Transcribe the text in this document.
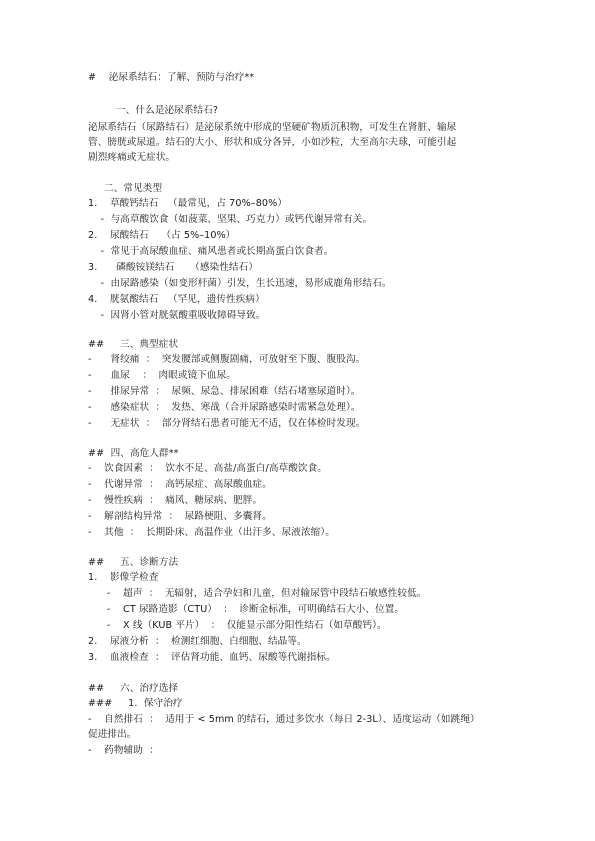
#    泌尿系结石：了解、预防与治疗**
一、什么是泌尿系结石?
泌尿系结石（尿路结石）是泌尿系统中形成的坚硬矿物质沉积物，可发生在肾脏、输尿
管、膀胱或尿道。结石的大小、形状和成分各异，小如沙粒，大至高尔夫球，可能引起
剧烈疼痛或无症状。
二、常见类型
1.    草酸钙结石   （最常见，占 70%–80%）
-  与高草酸饮食（如菠菜、坚果、巧克力）或钙代谢异常有关。
2.    尿酸结石    （占 5%–10%）
-  常见于高尿酸血症、痛风患者或长期高蛋白饮食者。
3.      磷酸铵镁结石     （感染性结石）
-  由尿路感染（如变形杆菌）引发，生长迅速，易形成鹿角形结石。
4.    胱氨酸结石   （罕见，遗传性疾病）
-  因肾小管对胱氨酸重吸收障碍导致。
##     三、典型症状
-      肾绞痛  ：  突发腰部或侧腹剧痛，可放射至下腹、腹股沟。
-      血尿    ：  肉眼或镜下血尿。
-      排尿异常  ：  尿频、尿急、排尿困难（结石堵塞尿道时）。
-      感染症状  ：  发热、寒战（合并尿路感染时需紧急处理）。
-      无症状  ：  部分肾结石患者可能无不适，仅在体检时发现。
##  四、高危人群**
-    饮食因素  ：  饮水不足、高盐/高蛋白/高草酸饮食。
-    代谢异常  ：  高钙尿症、高尿酸血症。
-    慢性疾病  ：  痛风、糖尿病、肥胖。
-    解剖结构异常  ：  尿路梗阻、多囊肾。
-    其他  ：  长期卧床、高温作业（出汗多、尿液浓缩）。
##     五、诊断方法
1.    影像学检查
-    超声  ：  无辐射，适合孕妇和儿童，但对输尿管中段结石敏感性较低。
-    CT 尿路造影（CTU）  ：  诊断金标准，可明确结石大小、位置。
-    X 线（KUB 平片）  ：  仅能显示部分阳性结石（如草酸钙）。
2.    尿液分析  ：  检测红细胞、白细胞、结晶等。
3.    血液检查  ：  评估肾功能、血钙、尿酸等代谢指标。
##     六、治疗选择
###     1.  保守治疗
-    自然排石  ：  适用于 < 5mm 的结石，通过多饮水（每日 2-3L）、适度运动（如跳绳）
促进排出。
-    药物辅助  ：
